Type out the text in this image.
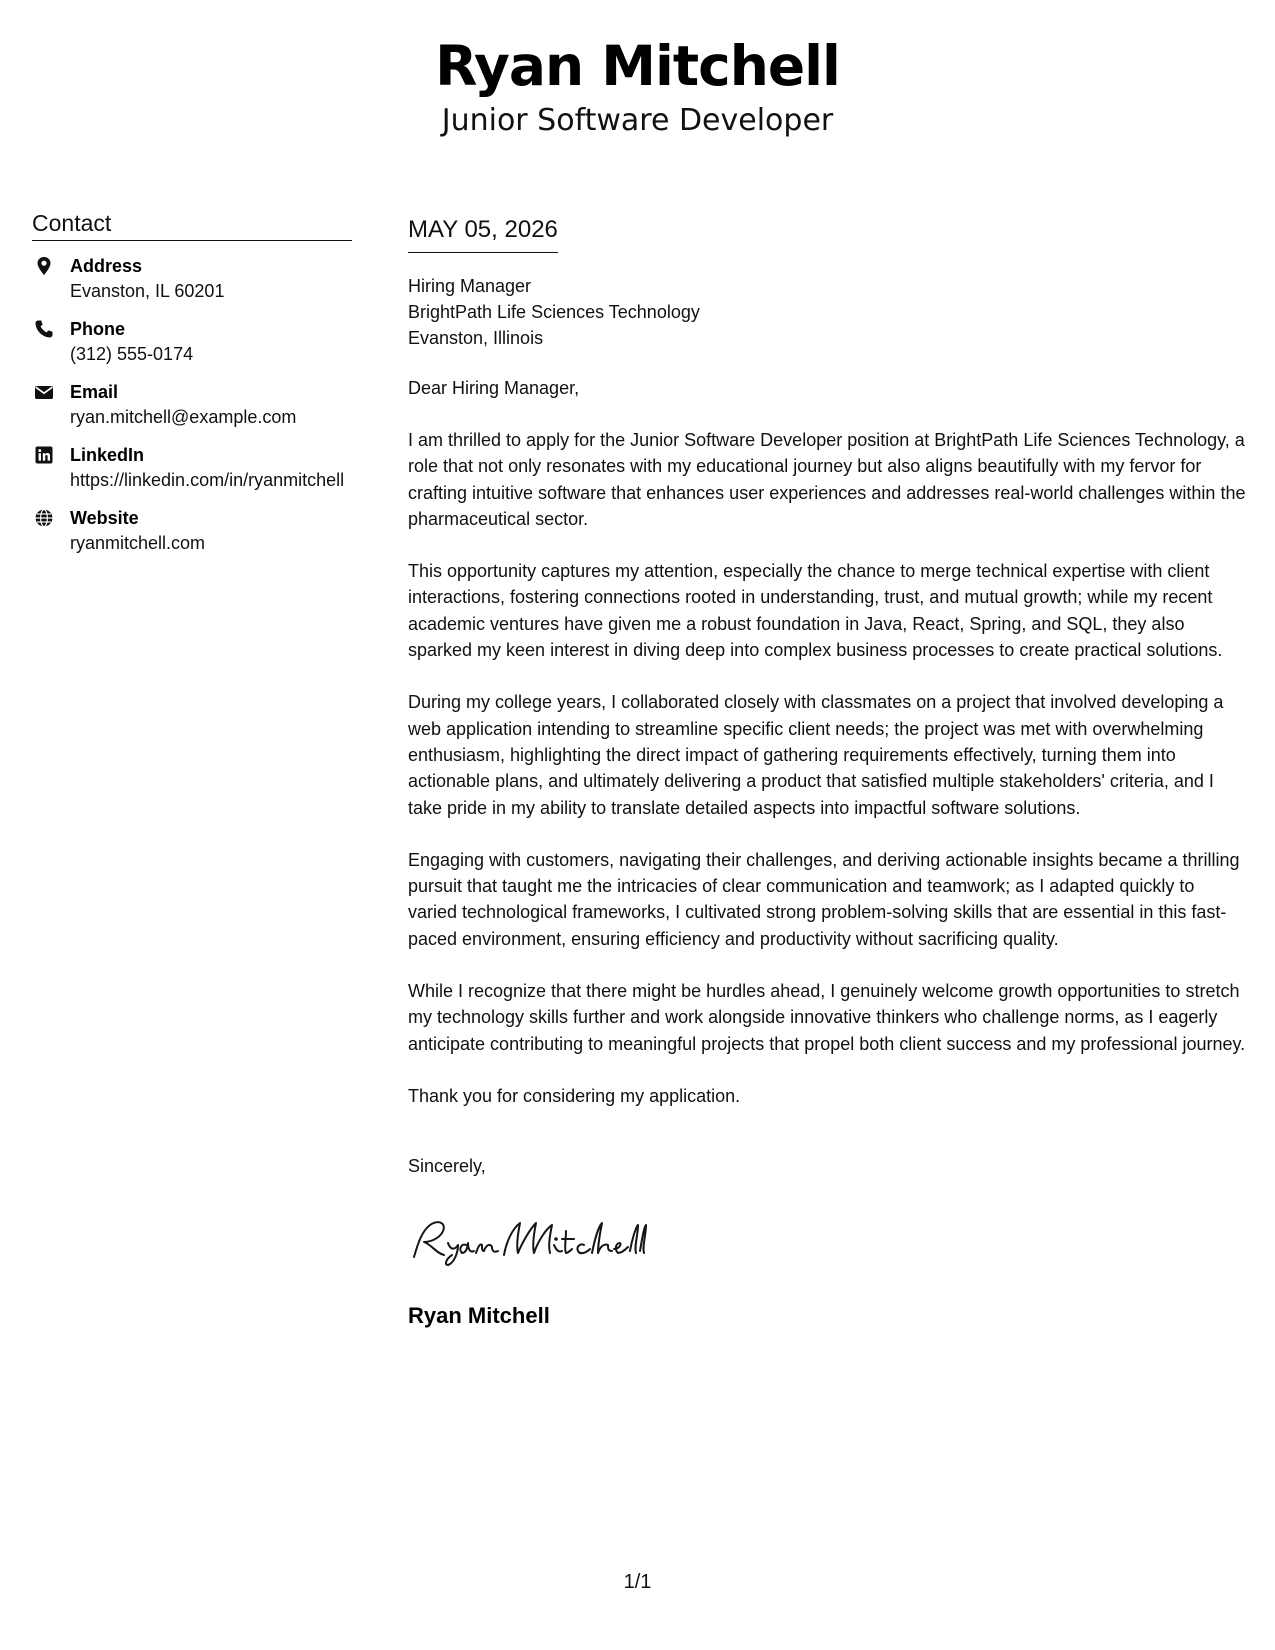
Ryan Mitchell
Junior Software Developer
Contact
Address
Evanston, IL 60201
Phone
(312) 555-0174
Email
ryan.mitchell@example.com
LinkedIn
https://linkedin.com/in/ryanmitchell
Website
ryanmitchell.com
MAY 05, 2026
Hiring Manager
BrightPath Life Sciences Technology
Evanston, Illinois
Dear Hiring Manager,
I am thrilled to apply for the Junior Software Developer position at BrightPath Life Sciences Technology, a role that not only resonates with my educational journey but also aligns beautifully with my fervor for crafting intuitive software that enhances user experiences and addresses real-world challenges within the pharmaceutical sector.
This opportunity captures my attention, especially the chance to merge technical expertise with client interactions, fostering connections rooted in understanding, trust, and mutual growth; while my recent academic ventures have given me a robust foundation in Java, React, Spring, and SQL, they also sparked my keen interest in diving deep into complex business processes to create practical solutions.
During my college years, I collaborated closely with classmates on a project that involved developing a web application intending to streamline specific client needs; the project was met with overwhelming enthusiasm, highlighting the direct impact of gathering requirements effectively, turning them into actionable plans, and ultimately delivering a product that satisfied multiple stakeholders' criteria, and I take pride in my ability to translate detailed aspects into impactful software solutions.
Engaging with customers, navigating their challenges, and deriving actionable insights became a thrilling pursuit that taught me the intricacies of clear communication and teamwork; as I adapted quickly to varied technological frameworks, I cultivated strong problem-solving skills that are essential in this fast-paced environment, ensuring efficiency and productivity without sacrificing quality.
While I recognize that there might be hurdles ahead, I genuinely welcome growth opportunities to stretch my technology skills further and work alongside innovative thinkers who challenge norms, as I eagerly anticipate contributing to meaningful projects that propel both client success and my professional journey.
Thank you for considering my application.
Sincerely,
Ryan Mitchell
1/1
